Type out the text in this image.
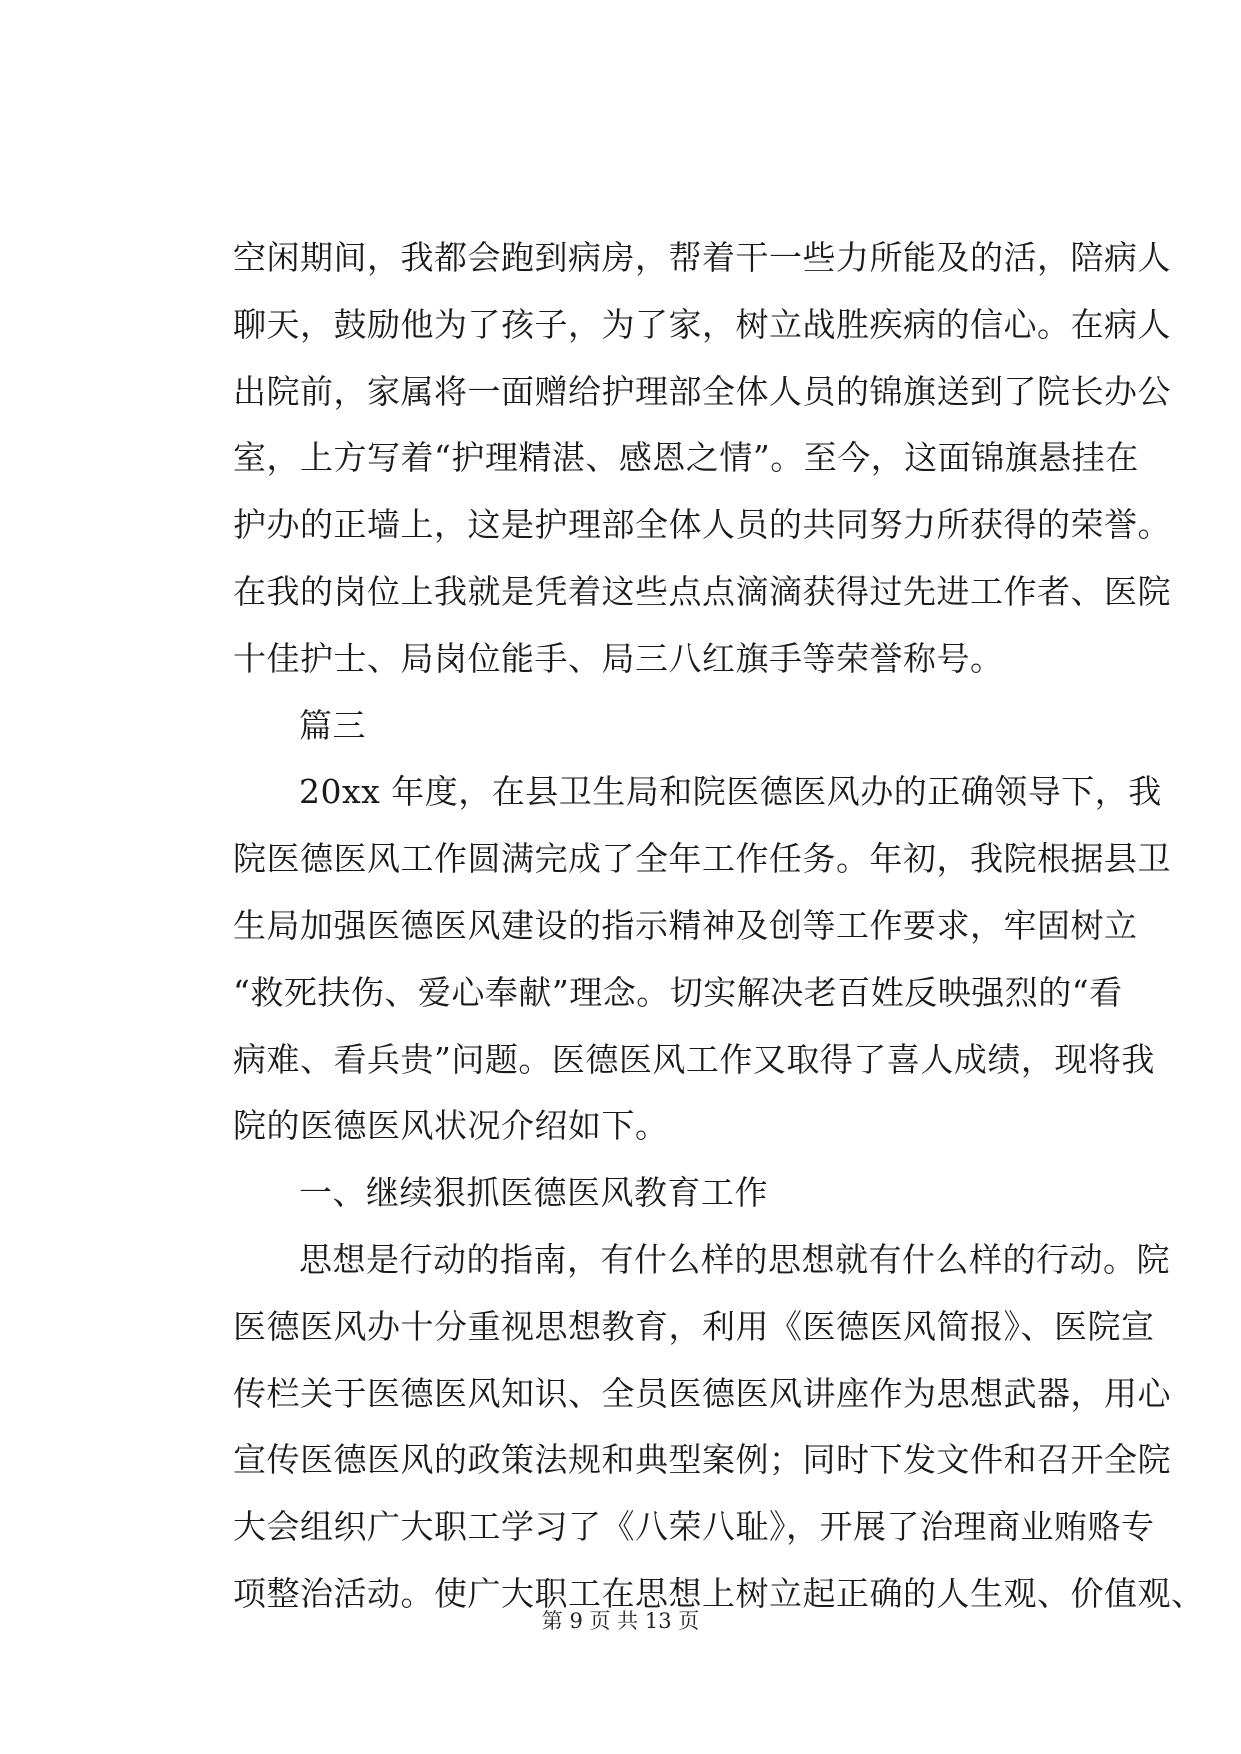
空闲期间，我都会跑到病房，帮着干一些力所能及的活，陪病人
聊天，鼓励他为了孩子，为了家，树立战胜疾病的信心。在病人
出院前，家属将一面赠给护理部全体人员的锦旗送到了院长办公
室，上方写着“护理精湛、感恩之情”。至今，这面锦旗悬挂在
护办的正墙上，这是护理部全体人员的共同努力所获得的荣誉。
在我的岗位上我就是凭着这些点点滴滴获得过先进工作者、医院
十佳护士、局岗位能手、局三八红旗手等荣誉称号。
篇三
20xx 年度，在县卫生局和院医德医风办的正确领导下，我
院医德医风工作圆满完成了全年工作任务。年初，我院根据县卫
生局加强医德医风建设的指示精神及创等工作要求，牢固树立
“救死扶伤、爱心奉献”理念。切实解决老百姓反映强烈的“看
病难、看兵贵”问题。医德医风工作又取得了喜人成绩，现将我
院的医德医风状况介绍如下。
一、继续狠抓医德医风教育工作
思想是行动的指南，有什么样的思想就有什么样的行动。院
医德医风办十分重视思想教育，利用《医德医风简报》、医院宣
传栏关于医德医风知识、全员医德医风讲座作为思想武器，用心
宣传医德医风的政策法规和典型案例；同时下发文件和召开全院
大会组织广大职工学习了《八荣八耻》，开展了治理商业贿赂专
项整治活动。使广大职工在思想上树立起正确的人生观、价值观、
第 9 页 共 13 页
